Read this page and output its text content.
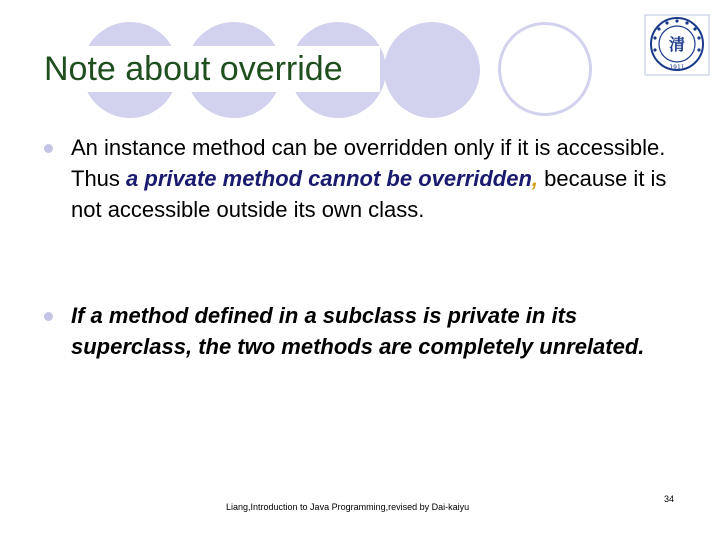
Note about override
清
1911
An instance method can be overridden only if it is accessible. Thus a private method cannot be overridden, because it is not accessible outside its own class.
If a method defined in a subclass is private in its superclass, the two methods are completely unrelated.
Liang,Introduction to Java Programming,revised by Dai-kaiyu
34
